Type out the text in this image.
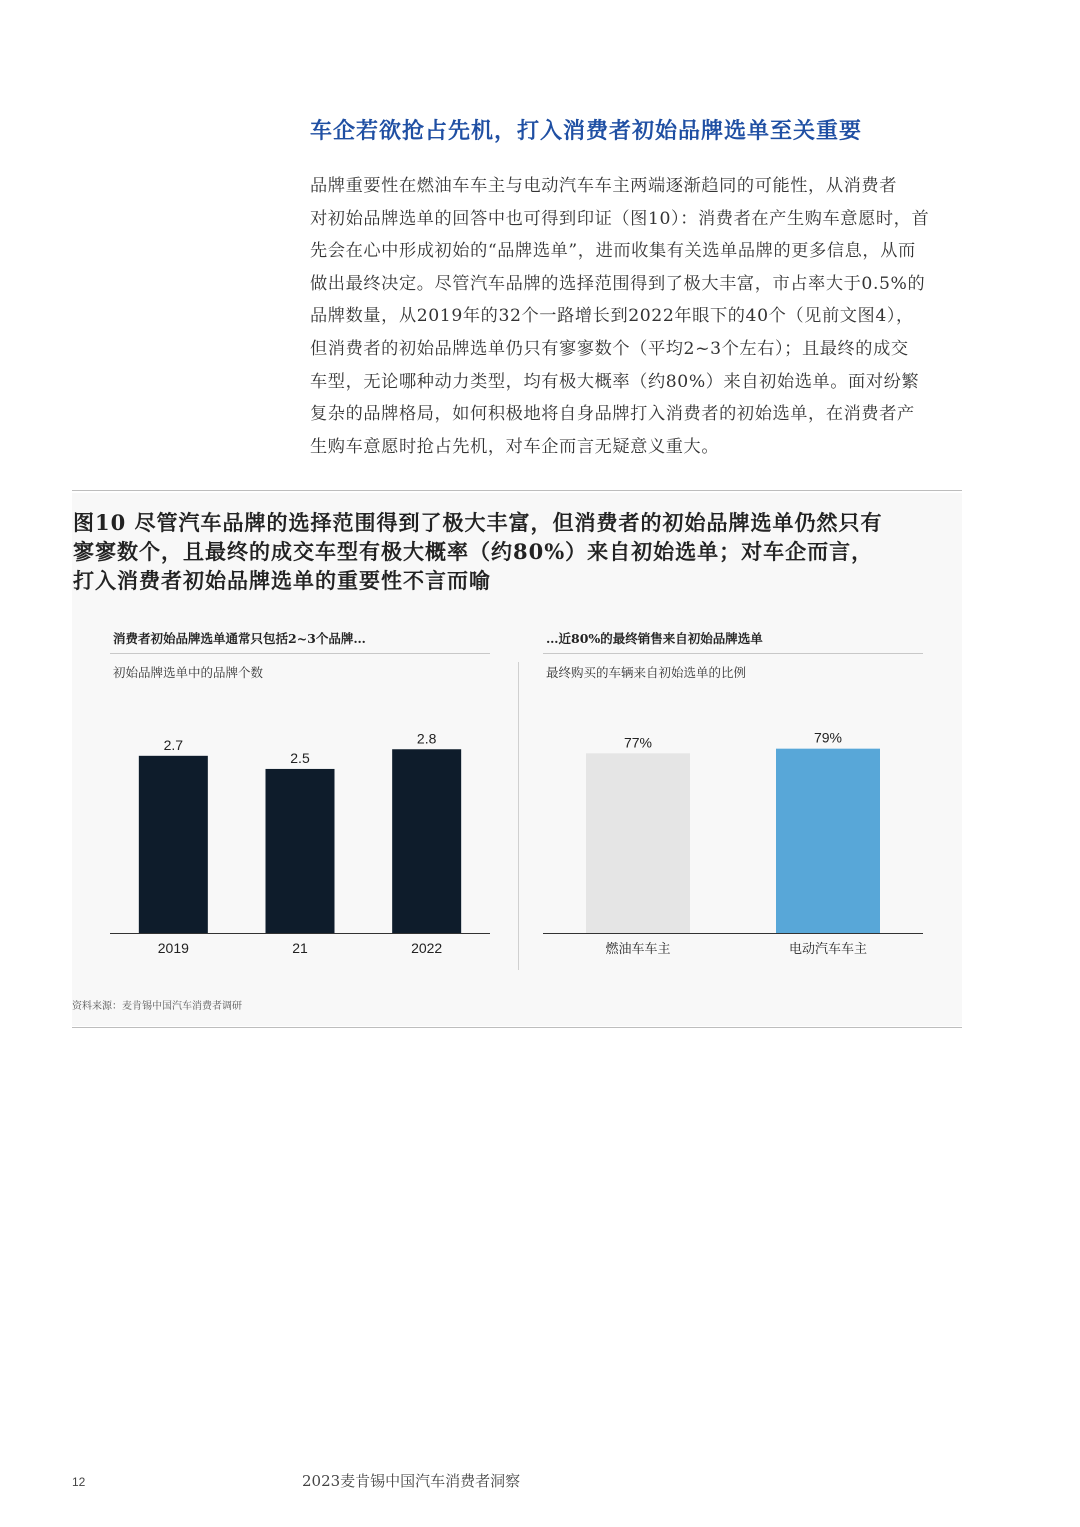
车企若欲抢占先机，打入消费者初始品牌选单至关重要

品牌重要性在燃油车车主与电动汽车车主两端逐渐趋同的可能性，从消费者

对初始品牌选单的回答中也可得到印证（图10）：消费者在产生购车意愿时，首

先会在心中形成初始的“品牌选单”，进而收集有关选单品牌的更多信息，从而

做出最终决定。尽管汽车品牌的选择范围得到了极大丰富，市占率大于0.5%的

品牌数量，从2019年的32个一路增长到2022年眼下的40个（见前文图4），

但消费者的初始品牌选单仍只有寥寥数个（平均2~3个左右）；且最终的成交

车型，无论哪种动力类型，均有极大概率（约80%）来自初始选单。面对纷繁

复杂的品牌格局，如何积极地将自身品牌打入消费者的初始选单，在消费者产

生购车意愿时抢占先机，对车企而言无疑意义重大。

图10 尽管汽车品牌的选择范围得到了极大丰富，但消费者的初始品牌选单仍然只有

寥寥数个，且最终的成交车型有极大概率（约80%）来自初始选单；对车企而言，

打入消费者初始品牌选单的重要性不言而喻

消费者初始品牌选单通常只包括2~3个品牌…
初始品牌选单中的品牌个数
2.7
2019
2.5
21
2.8
2022
…近80%的最终销售来自初始品牌选单
最终购买的车辆来自初始选单的比例
77%
燃油车车主
79%
电动汽车车主
资料来源：麦肯锡中国汽车消费者调研
12	2023麦肯锡中国汽车消费者洞察
